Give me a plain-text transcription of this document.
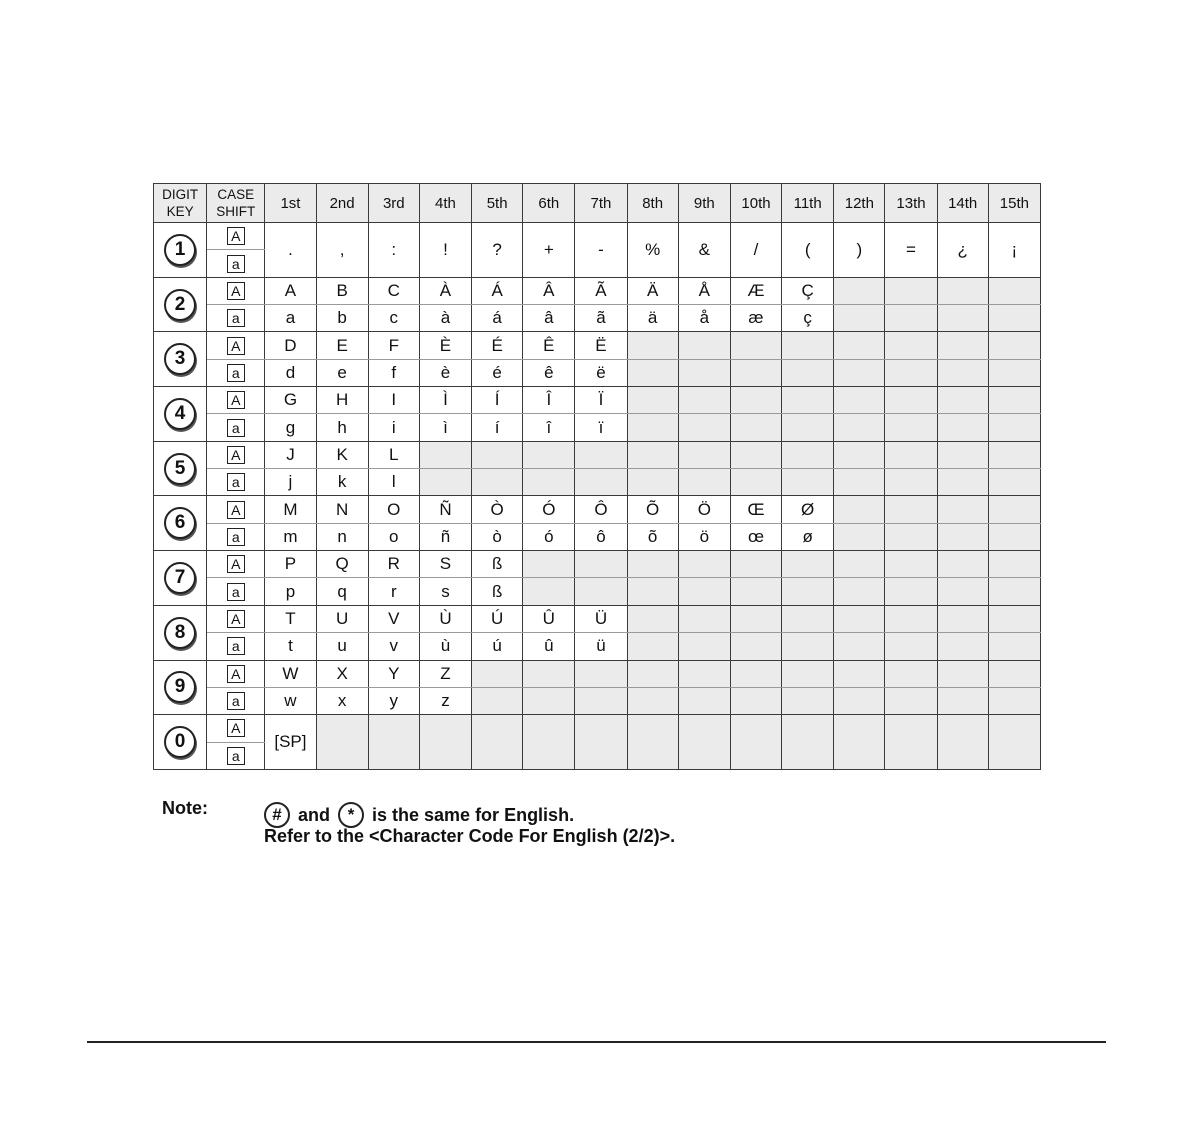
DIGIT KEY	CASE SHIFT	1st	2nd	3rd	4th	5th	6th	7th	8th	9th	10th	11th	12th	13th	14th	15th
1	A	.	,	:	!	?	+	-	%	&	/	(	)	=	¿	¡
	a															
2	A	A	B	C	À	Á	Â	Ã	Ä	Å	Æ	Ç				
	a	a	b	c	à	á	â	ã	ä	å	æ	ç				
3	A	D	E	F	È	É	Ê	Ë								
	a	d	e	f	è	é	ê	ë								
4	A	G	H	I	Ì	Í	Î	Ï								
	a	g	h	i	ì	í	î	ï								
5	A	J	K	L												
	a	j	k	l												
6	A	M	N	O	Ñ	Ò	Ó	Ô	Õ	Ö	Œ	Ø				
	a	m	n	o	ñ	ò	ó	ô	õ	ö	œ	ø				
7	A	P	Q	R	S	ß										
	a	p	q	r	s	ß										
8	A	T	U	V	Ù	Ú	Û	Ü								
	a	t	u	v	ù	ú	û	ü								
9	A	W	X	Y	Z											
	a	w	x	y	z											
0	A	[SP]														
	a															
Note:	# and	* is the same for English.
Refer to the <Character Code For English (2/2)>.
